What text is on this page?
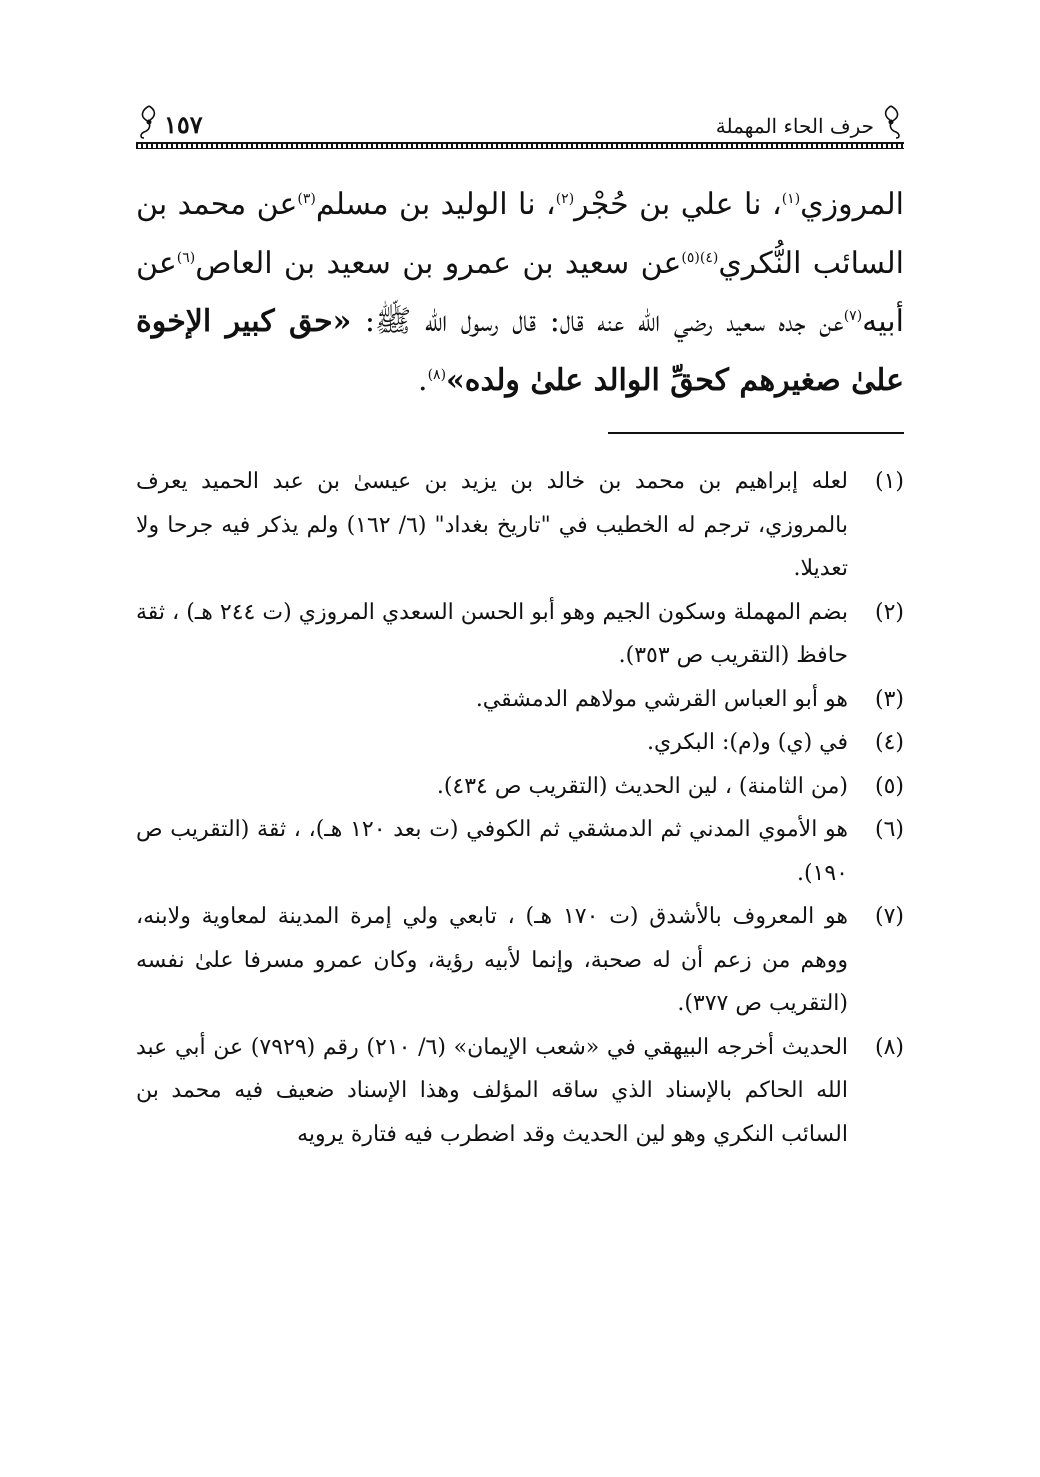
حرف الحاء المهملة
١٥٧

المروزي$^{(١)}$، نا علي بن حُجْر$^{(٢)}$، نا الوليد بن مسلم$^{(٣)}$عن محمد بن السائب النُّكري$^{(٤)(٥)}$عن سعيد بن عمرو بن سعيد بن العاص$^{(٦)}$عن أبيه$^{(٧)}$عن جده سعيد رضي الله عنه قال: قال رسول الله ﷺ: «حق كبير الإخوة علىٰ صغيرهم كحقِّ الوالد علىٰ ولده»$^{(٨)}$.

(١)
لعله إبراهيم بن محمد بن خالد بن يزيد بن عيسىٰ بن عبد الحميد يعرف بالمروزي، ترجم له الخطيب في "تاريخ بغداد" (٦/ ١٦٢) ولم يذكر فيه جرحا ولا تعديلا.
(٢)
بضم المهملة وسكون الجيم وهو أبو الحسن السعدي المروزي (ت ٢٤٤ هـ) ، ثقة حافظ (التقريب ص ٣٥٣).
(٣)
هو أبو العباس القرشي مولاهم الدمشقي.
(٤)
في (ي) و(م): البكري.
(٥)
(من الثامنة) ، لين الحديث (التقريب ص ٤٣٤).
(٦)
هو الأموي المدني ثم الدمشقي ثم الكوفي (ت بعد ١٢٠ هـ)، ، ثقة (التقريب ص ١٩٠).
(٧)
هو المعروف بالأشدق (ت ١٧٠ هـ) ، تابعي ولي إمرة المدينة لمعاوية ولابنه، ووهم من زعم أن له صحبة، وإنما لأبيه رؤية، وكان عمرو مسرفا علىٰ نفسه (التقريب ص ٣٧٧).
(٨)
الحديث أخرجه البيهقي في «شعب الإيمان» (٦/ ٢١٠) رقم (٧٩٢٩) عن أبي عبد الله الحاكم بالإسناد الذي ساقه المؤلف وهذا الإسناد ضعيف فيه محمد بن السائب النكري وهو لين الحديث وقد اضطرب فيه فتارة يرويه
